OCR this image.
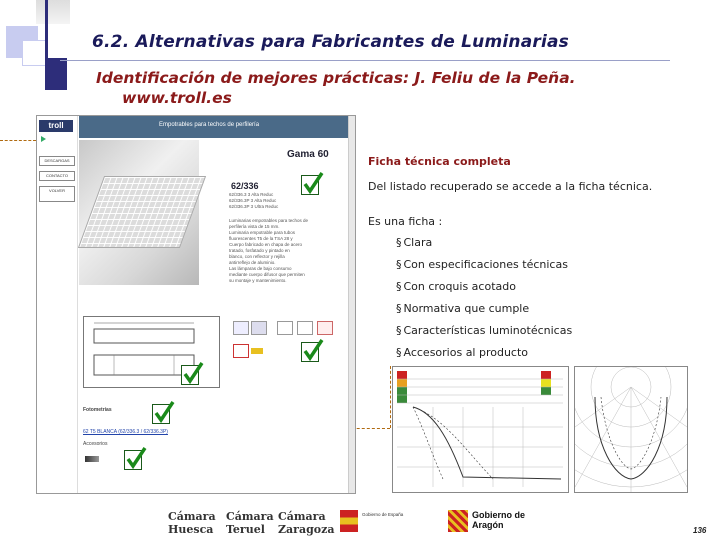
6.2. Alternativas para Fabricantes de Luminarias
Identificación de mejores prácticas: J. Feliu de la Peña.
www.troll.es
troll
DESCARGAS
CONTACTO
VOLVER
Empotrables para techos de perfilería
Gama 60
62/336
62/336.3 3 Alta Reduc
62/336.3P 3 Alta Reduc
62/336.3P 3 Ultra Reduc
Fotometrías
62 T5 BLANCA (62/336.3 / 62/336.3P)
Accesorios
Luminarias empotrables para techos de
perfilería vista de 15 mm.
Luminaria empotrable para tubos
fluorescentes T5 de la TSA 28 y
Cuerpo fabricado en chapa de acero
tratado, fosfatado y pintado en
blanco, con reflector y rejilla
antirreflejo de aluminio.
Las lámparas de bajo consumo
mediante cuerpo difusor que permiten
su montaje y mantenimiento.
Ficha técnica completa
Del listado recuperado se accede a la ficha técnica.
Es una ficha :
§ Clara
§ Con especificaciones técnicas
§ Con croquis acotado
§ Normativa que cumple
§ Características luminotécnicas
§ Accesorios al producto
Cámara Huesca
Cámara Teruel
Cámara Zaragoza
Gobierno de España	Gobierno de Aragón
136
